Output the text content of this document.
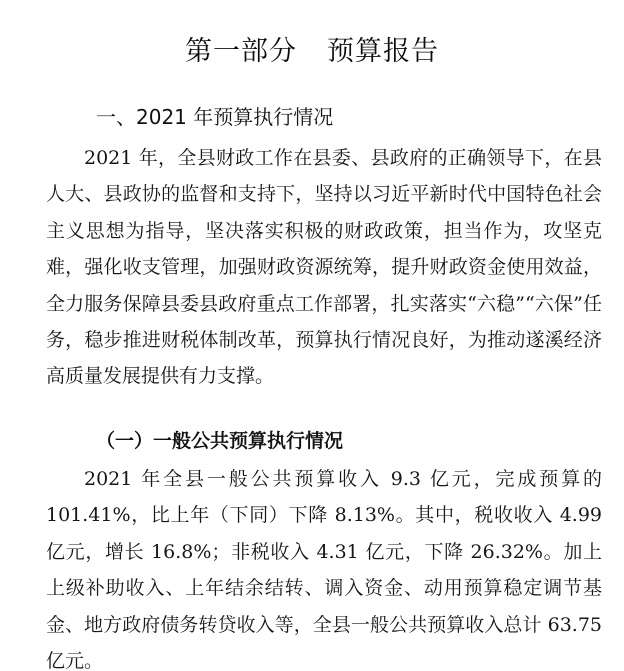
第一部分 预算报告
一、2021 年预算执行情况

2021 年，全县财政工作在县委、县政府的正确领导下，在县人大、县政协的监督和支持下，坚持以习近平新时代中国特色社会主义思想为指导，坚决落实积极的财政政策，担当作为，攻坚克难，强化收支管理，加强财政资源统筹，提升财政资金使用效益，全力服务保障县委县政府重点工作部署，扎实落实“六稳”“六保”任务，稳步推进财税体制改革，预算执行情况良好，为推动遂溪经济高质量发展提供有力支撑。

（一）一般公共预算执行情况

2021 年全县一般公共预算收入 9.3 亿元，完成预算的 101.41%，比上年（下同）下降 8.13%。其中，税收收入 4.99 亿元，增长 16.8%；非税收入 4.31 亿元，下降 26.32%。加上上级补助收入、上年结余结转、调入资金、动用预算稳定调节基金、地方政府债务转贷收入等，全县一般公共预算收入总计 63.75 亿元。
